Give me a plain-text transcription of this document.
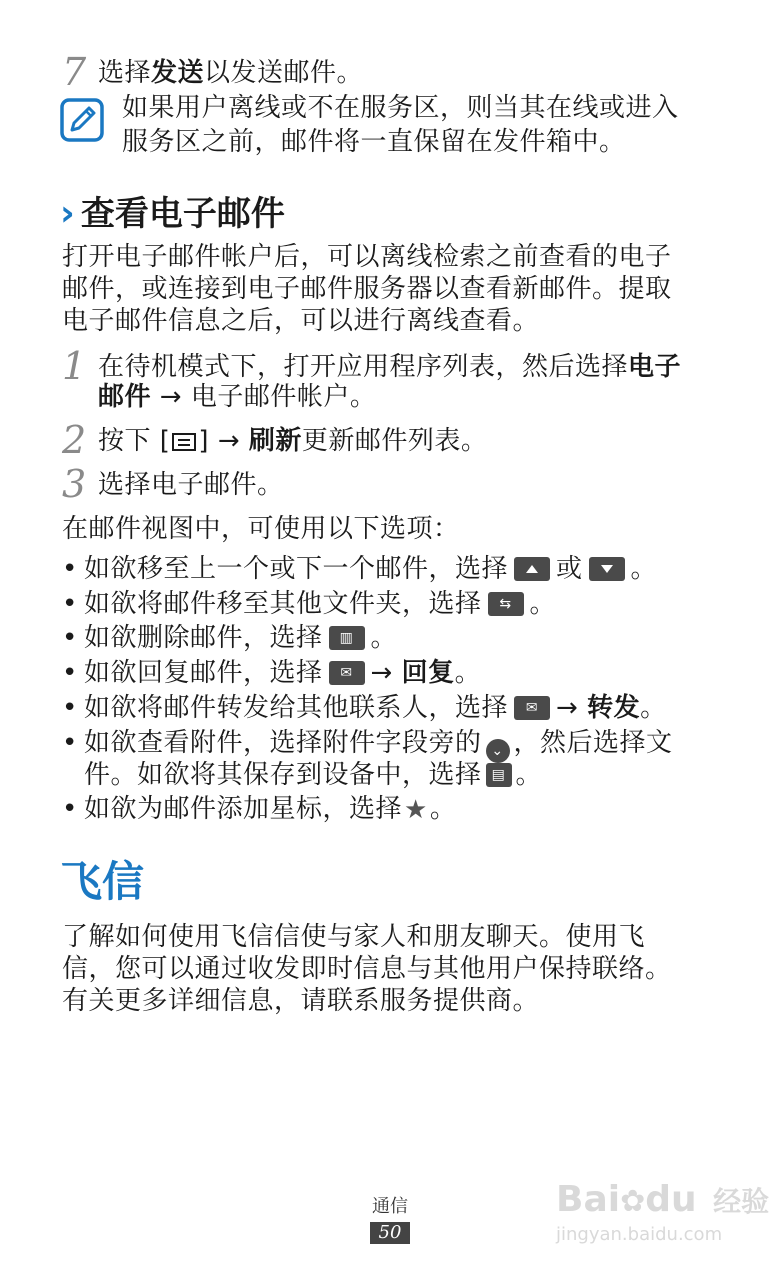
7 选择发送以发送邮件。
如果用户离线或不在服务区，则当其在线或进入
服务区之前，邮件将一直保留在发件箱中。
› 查看电子邮件
打开电子邮件帐户后，可以离线检索之前查看的电子
邮件，或连接到电子邮件服务器以查看新邮件。提取
电子邮件信息之后，可以进行离线查看。
1 在待机模式下，打开应用程序列表，然后选择电子
邮件 → 电子邮件帐户。
2 按下 [ ] → 刷新更新邮件列表。
3 选择电子邮件。
在邮件视图中，可使用以下选项：
• 如欲移至上一个或下一个邮件，选择 或 。
• 如欲将邮件移至其他文件夹，选择	⇆ 。
• 如欲删除邮件，选择	▥ 。
• 如欲回复邮件，选择	✉ → 回复。
• 如欲将邮件转发给其他联系人，选择	✉ → 转发。
• 如欲查看附件，选择附件字段旁的 ⌄ ，然后选择文
件。如欲将其保存到设备中，选择 ▤ 。
• 如欲为邮件添加星标，选择★。
飞信
了解如何使用飞信信使与家人和朋友聊天。使用飞
信，您可以通过收发即时信息与其他用户保持联络。
有关更多详细信息，请联系服务提供商。
通信
50
Bai✿du 经验
jingyan.baidu.com
